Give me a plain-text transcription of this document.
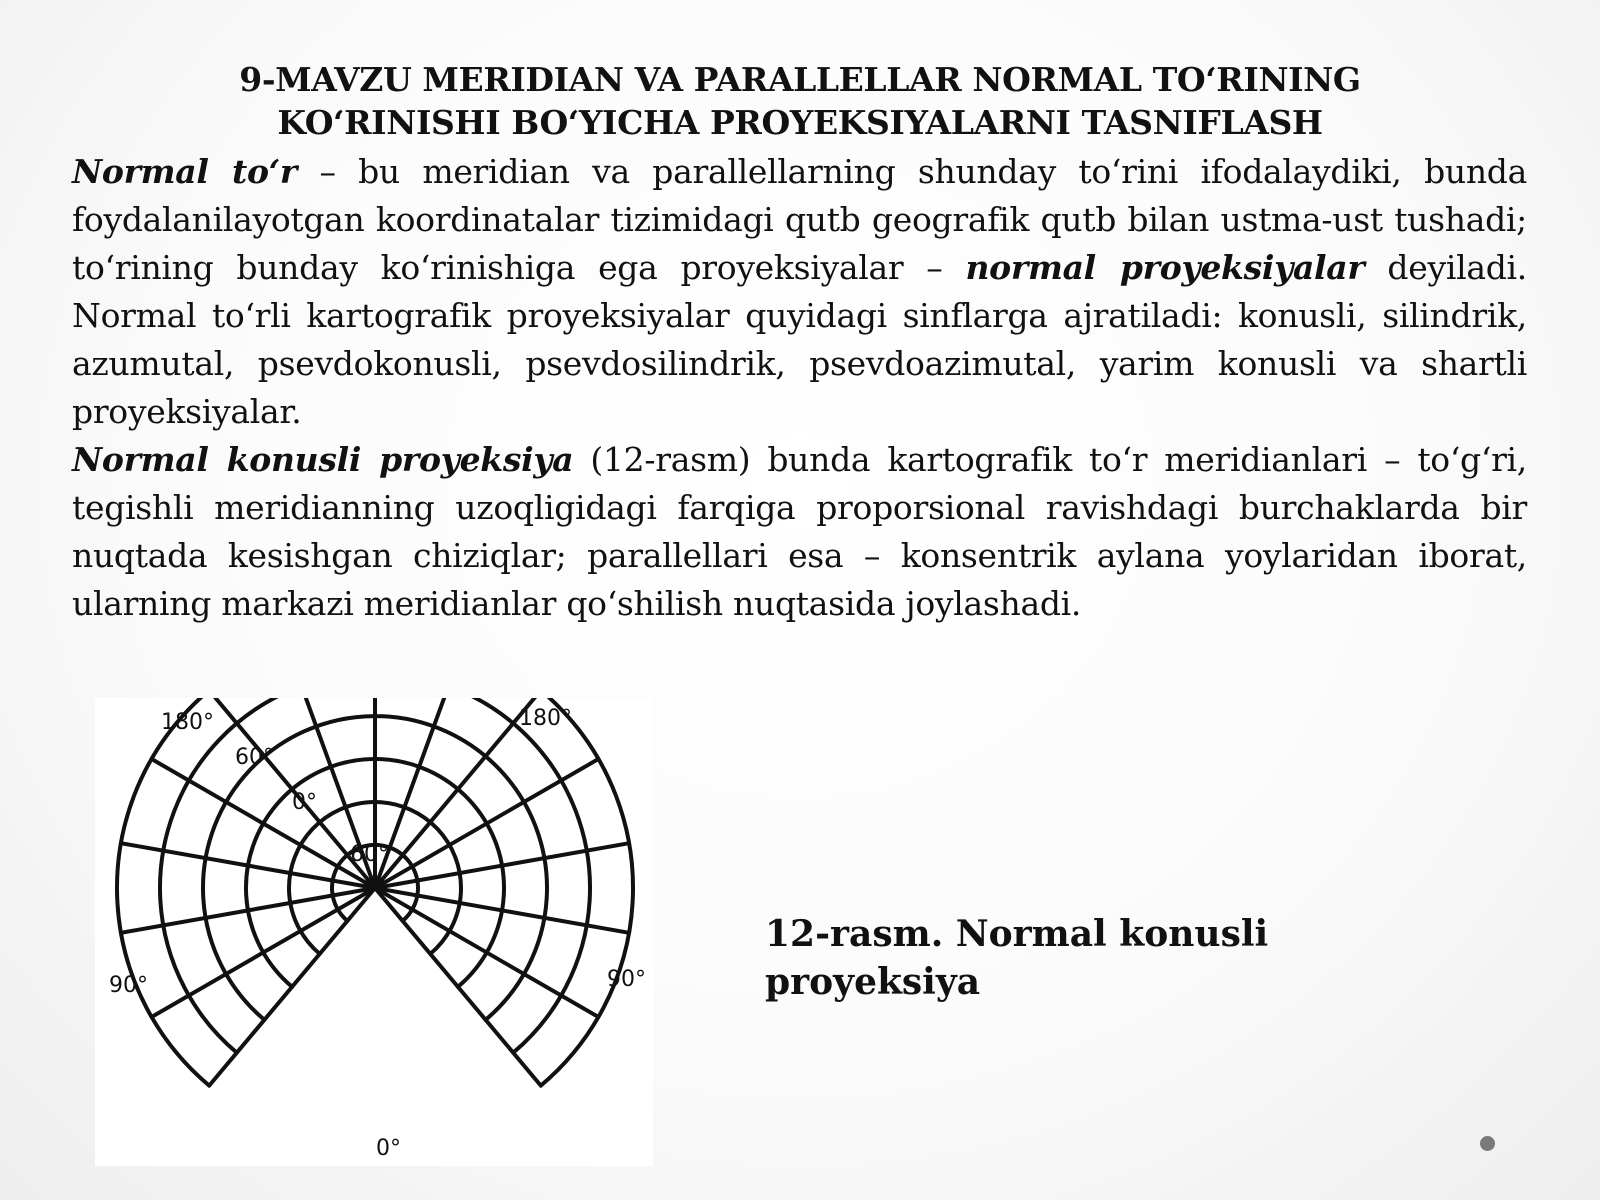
9-MAVZU MERIDIAN VA PARALLELLAR NORMAL TO‘RINING
KO‘RINISHI BO‘YICHA PROYEKSIYALARNI TASNIFLASH

Normal to‘r – bu meridian va parallellarning shunday to‘rini ifodalaydiki, bunda foydalanilayotgan koordinatalar tizimidagi qutb geografik qutb bilan ustma-ust tushadi; to‘rining bunday ko‘rinishiga ega proyeksiyalar – normal proyeksiyalar deyiladi. Normal to‘rli kartografik proyeksiyalar quyidagi sinflarga ajratiladi: konusli, silindrik, azumutal, psevdokonusli, psevdosilindrik, psevdoazimutal, yarim konusli va shartli proyeksiyalar.

Normal konusli proyeksiya (12-rasm) bunda kartografik to‘r meridianlari – to‘g‘ri, tegishli meridianning uzoqligidagi farqiga proporsional ravishdagi burchaklarda bir nuqtada kesishgan chiziqlar; parallellari esa – konsentrik aylana yoylaridan iborat, ularning markazi meridianlar qo‘shilish nuqtasida joylashadi.

180°	180°
60°
0°
60°
90°	90°
0°
12-rasm. Normal konusli proyeksiya
